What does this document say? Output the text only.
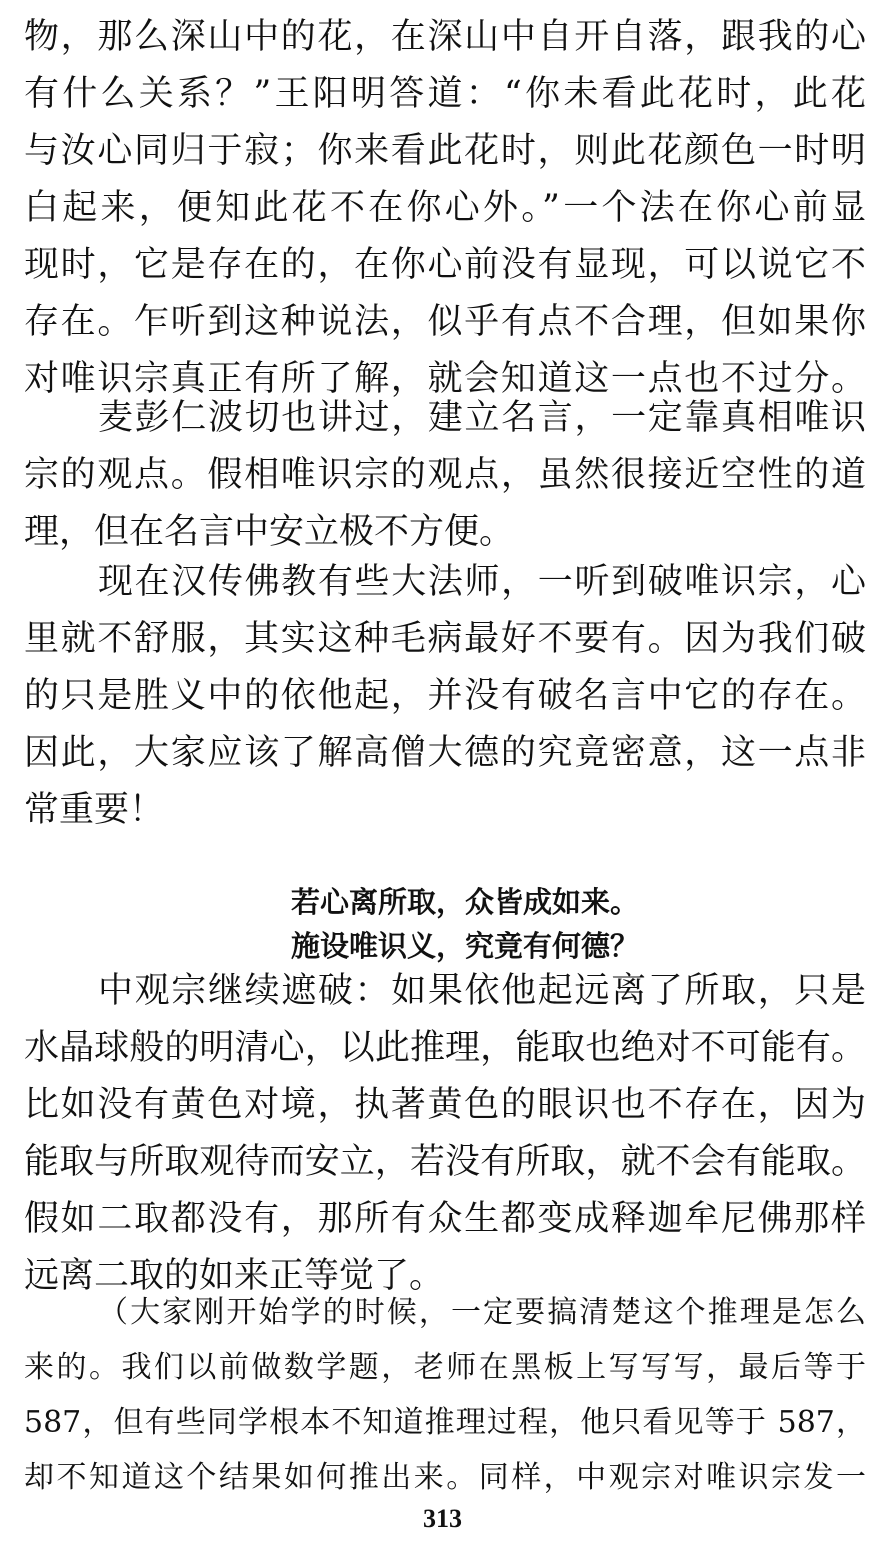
物，那么深山中的花，在深山中自开自落，跟我的心
有什么关系？”王阳明答道：“你未看此花时，此花
与汝心同归于寂；你来看此花时，则此花颜色一时明
白起来，便知此花不在你心外。”一个法在你心前显
现时，它是存在的，在你心前没有显现，可以说它不
存在。乍听到这种说法，似乎有点不合理，但如果你
对唯识宗真正有所了解，就会知道这一点也不过分。
麦彭仁波切也讲过，建立名言，一定靠真相唯识
宗的观点。假相唯识宗的观点，虽然很接近空性的道
理，但在名言中安立极不方便。
现在汉传佛教有些大法师，一听到破唯识宗，心
里就不舒服，其实这种毛病最好不要有。因为我们破
的只是胜义中的依他起，并没有破名言中它的存在。
因此，大家应该了解高僧大德的究竟密意，这一点非
常重要！
若心离所取，众皆成如来。
施设唯识义，究竟有何德？
中观宗继续遮破：如果依他起远离了所取，只是
水晶球般的明清心，以此推理，能取也绝对不可能有。
比如没有黄色对境，执著黄色的眼识也不存在，因为
能取与所取观待而安立，若没有所取，就不会有能取。
假如二取都没有，那所有众生都变成释迦牟尼佛那样
远离二取的如来正等觉了。
（大家刚开始学的时候，一定要搞清楚这个推理是怎么
来的。我们以前做数学题，老师在黑板上写写写，最后等于
587，但有些同学根本不知道推理过程，他只看见等于 587，
却不知道这个结果如何推出来。同样，中观宗对唯识宗发一
313
